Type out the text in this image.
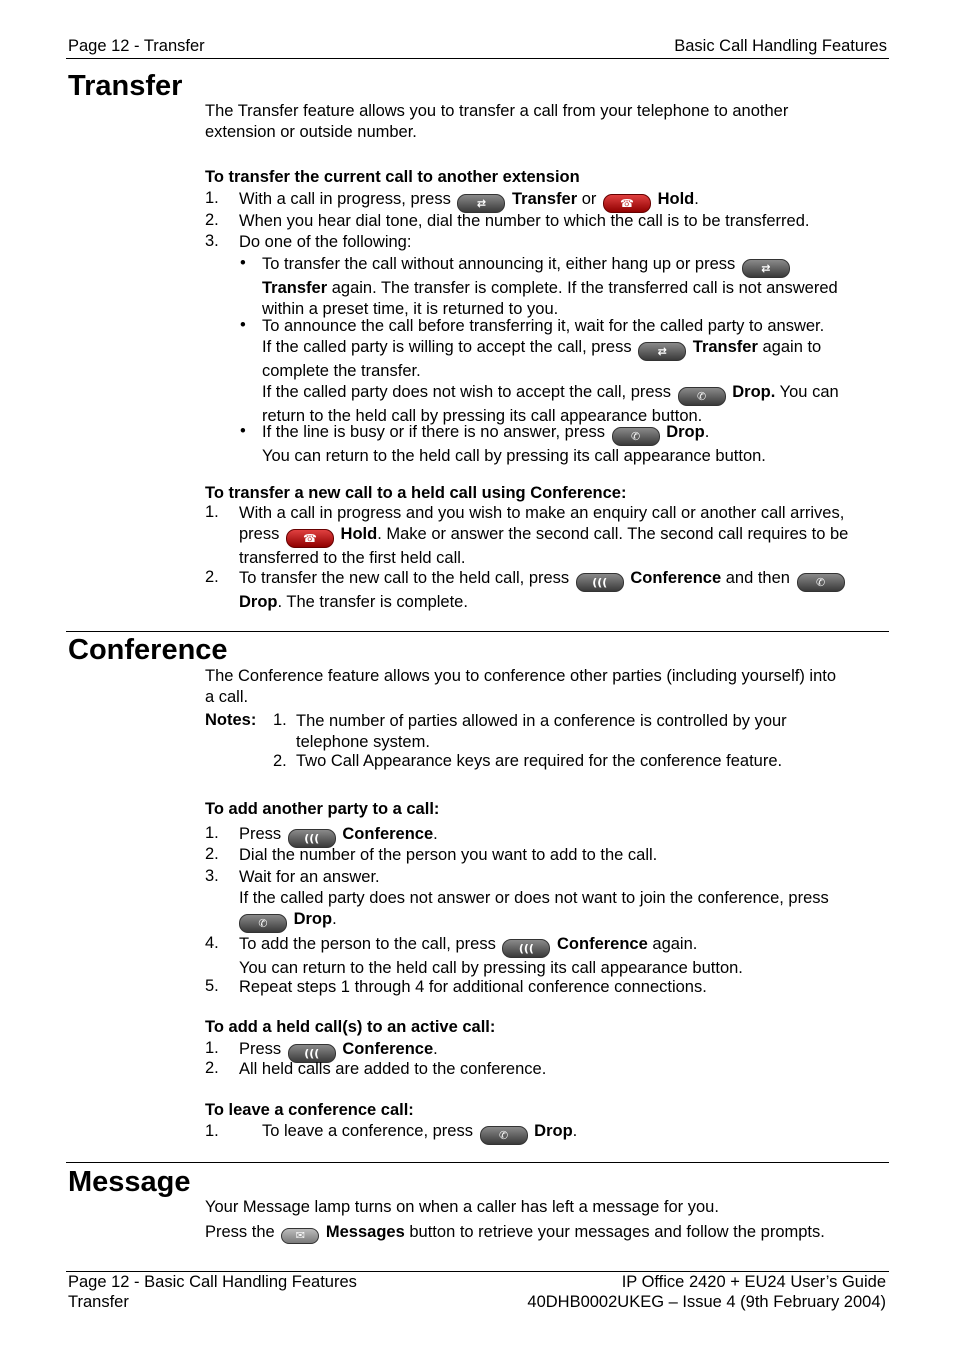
Page 12 - Transfer	Basic Call Handling Features
Transfer
The Transfer feature allows you to transfer a call from your telephone to another
extension or outside number.
To transfer the current call to another extension
1. With a call in progress, press ⇄ Transfer or ☎ Hold.
2. When you hear dial tone, dial the number to which the call is to be transferred.
3. Do one of the following:
• To transfer the call without announcing it, either hang up or press ⇄
Transfer again. The transfer is complete. If the transferred call is not answered
within a preset time, it is returned to you.
• To announce the call before transferring it, wait for the called party to answer.
If the called party is willing to accept the call, press ⇄ Transfer again to
complete the transfer.
If the called party does not wish to accept the call, press ✆ Drop. You can
return to the held call by pressing its call appearance button.
• If the line is busy or if there is no answer, press ✆ Drop.
You can return to the held call by pressing its call appearance button.
To transfer a new call to a held call using Conference:
1. With a call in progress and you wish to make an enquiry call or another call arrives,
press ☎ Hold. Make or answer the second call. The second call requires to be
transferred to the first held call.
2. To transfer the new call to the held call, press ((( Conference and then ✆
Drop. The transfer is complete.
Conference
The Conference feature allows you to conference other parties (including yourself) into
a call.
Notes: 1. The number of parties allowed in a conference is controlled by your
telephone system.
2. Two Call Appearance keys are required for the conference feature.
To add another party to a call:
1. Press ((( Conference.
2. Dial the number of the person you want to add to the call.
3. Wait for an answer.
If the called party does not answer or does not want to join the conference, press
✆ Drop.
4. To add the person to the call, press ((( Conference again.
You can return to the held call by pressing its call appearance button.
5. Repeat steps 1 through 4 for additional conference connections.
To add a held call(s) to an active call:
1. Press ((( Conference.
2. All held calls are added to the conference.
To leave a conference call:
1.	To leave a conference, press ✆ Drop.
Message
Your Message lamp turns on when a caller has left a message for you.
Press the ✉ Messages button to retrieve your messages and follow the prompts.
Page 12 - Basic Call Handling Features
Transfer
IP Office 2420 + EU24 User’s Guide
40DHB0002UKEG – Issue 4 (9th February 2004)
